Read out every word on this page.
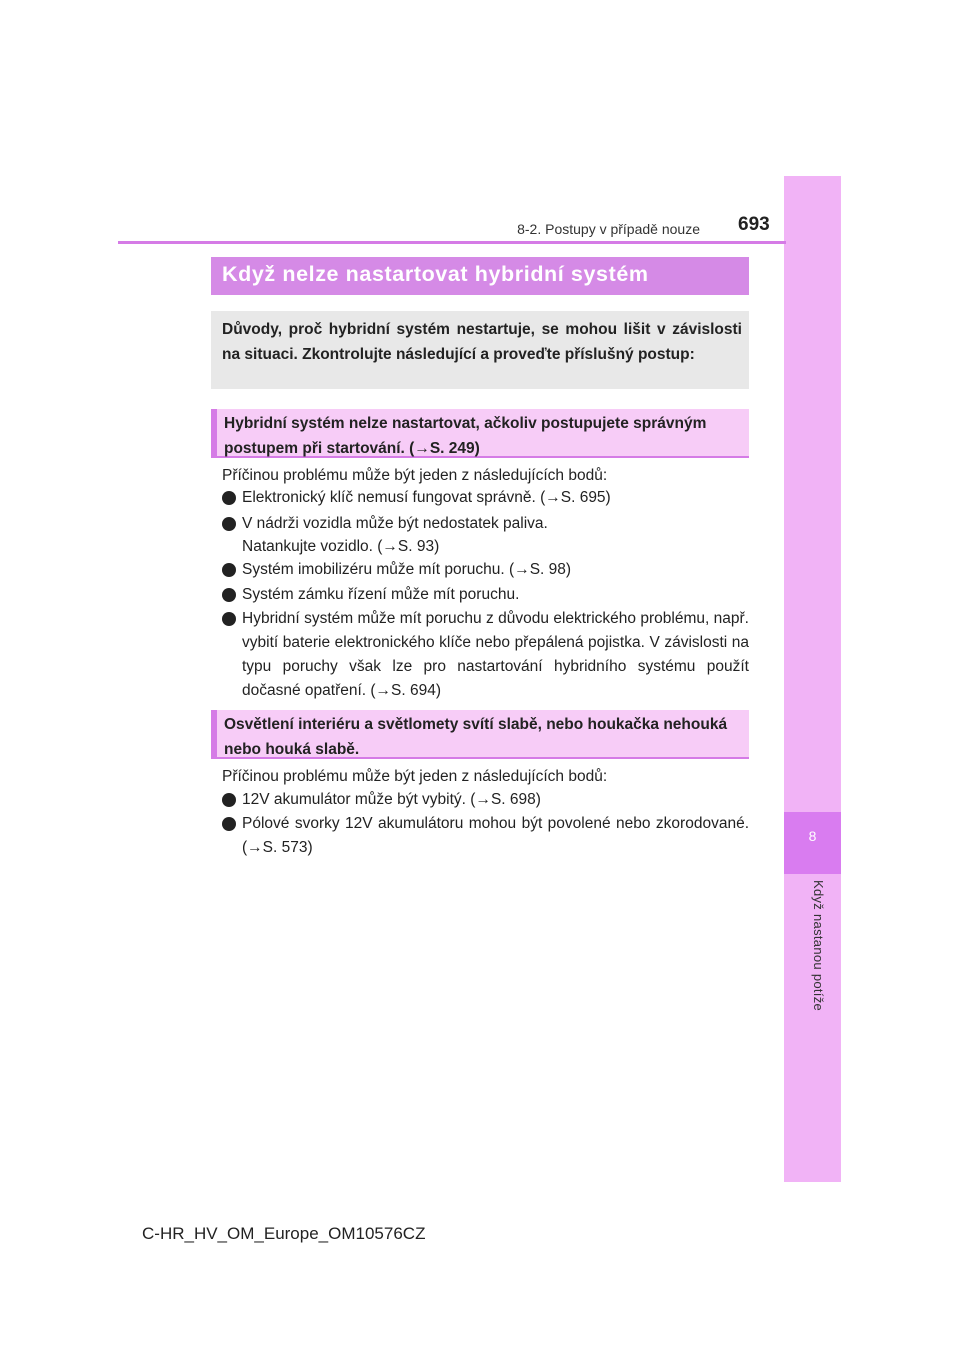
8
Když nastanou potíže
8-2. Postupy v případě nouze 693
Když nelze nastartovat hybridní systém
Důvody, proč hybridní systém nestartuje, se mohou lišit v závislosti na situaci. Zkontrolujte následující a proveďte příslušný postup:
Hybridní systém nelze nastartovat, ačkoliv postupujete správným postupem při startování. (→S. 249)
Příčinou problému může být jeden z následujících bodů:
Elektronický klíč nemusí fungovat správně. (→S. 695)
V nádrži vozidla může být nedostatek paliva.
Natankujte vozidlo. (→S. 93)
Systém imobilizéru může mít poruchu. (→S. 98)
Systém zámku řízení může mít poruchu.
Hybridní systém může mít poruchu z důvodu elektrického problému, např. vybití baterie elektronického klíče nebo přepálená pojistka. V závislosti na typu poruchy však lze pro nastartování hybridního systému použít dočasné opatření. (→S. 694)
Osvětlení interiéru a světlomety svítí slabě, nebo houkačka nehouká nebo houká slabě.
Příčinou problému může být jeden z následujících bodů:
12V akumulátor může být vybitý. (→S. 698)
Pólové svorky 12V akumulátoru mohou být povolené nebo zkorodované. (→S. 573)
C-HR_HV_OM_Europe_OM10576CZ
